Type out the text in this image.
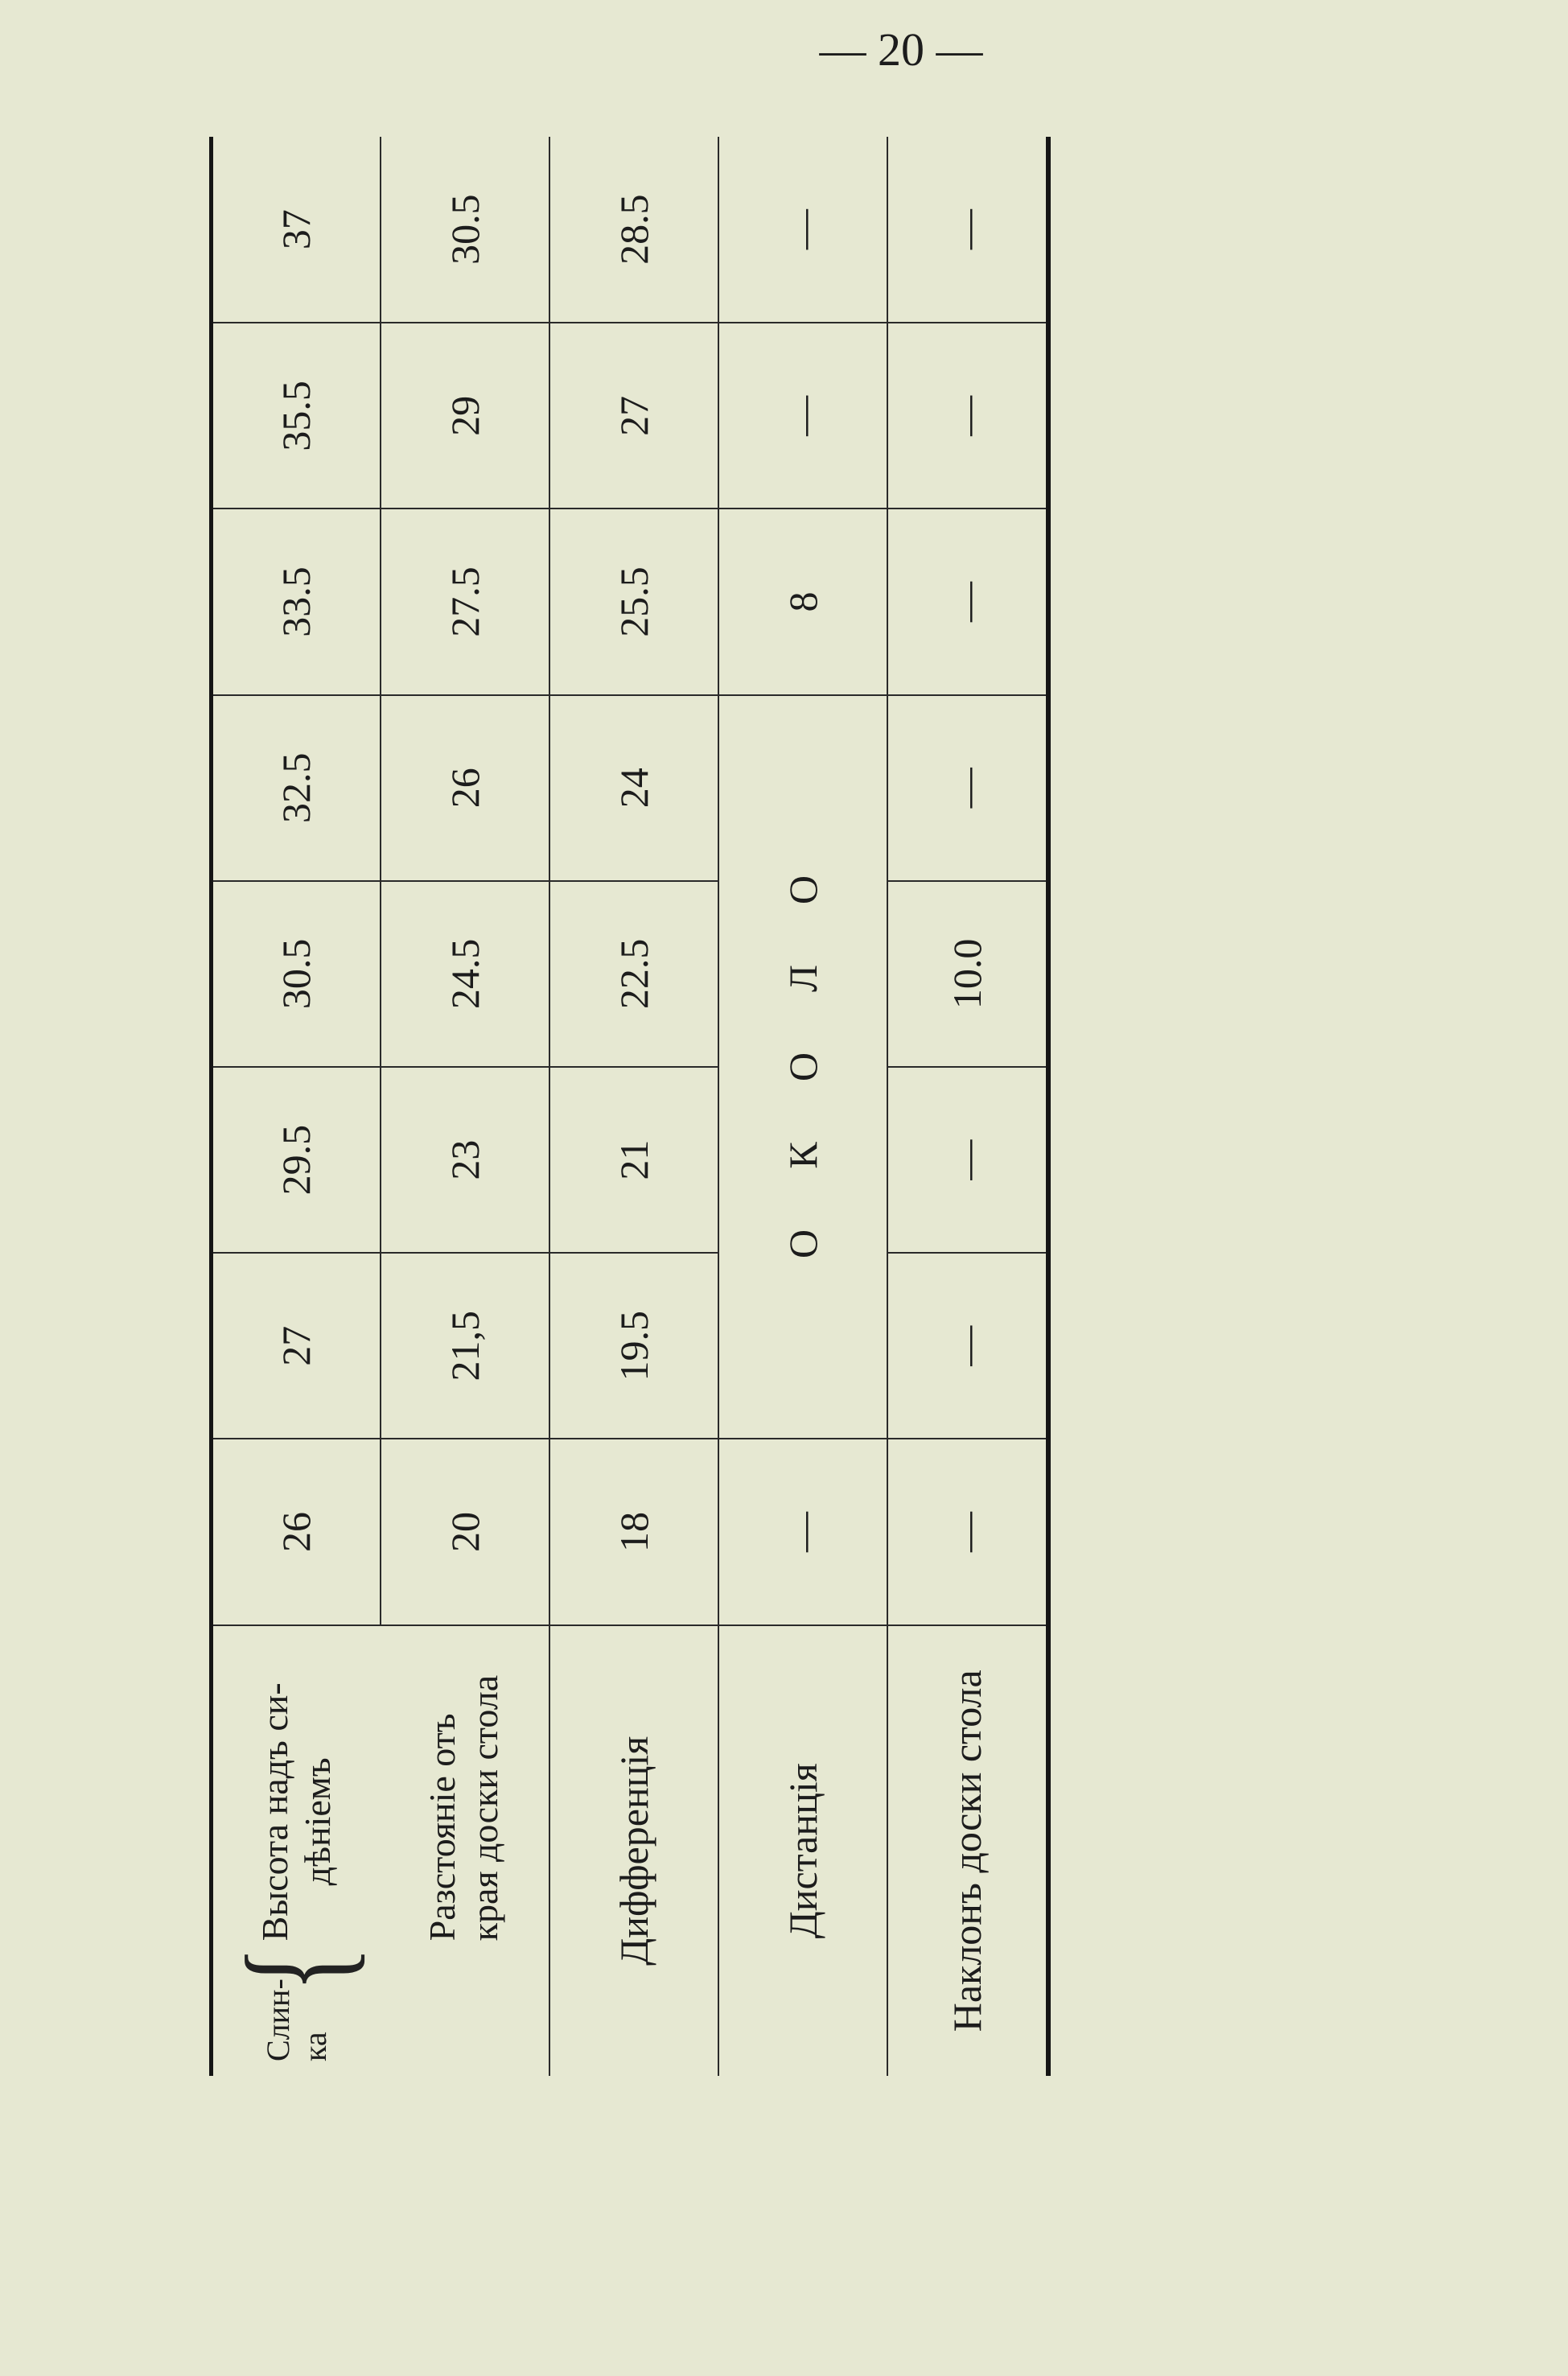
— 20 —
Слин-
ка
{
Высота надъ си-
дѣніемъ	26	27	29.5	30.5	32.5	33.5	35.5	37

Разстояніе отъ
края доски стола	20	21,5	23	24.5	26	27.5	29	30.5
Дифференція	18	19.5	21	22.5	24	25.5	27	28.5
Дистанція	—	ОКОЛО				8	—	—
Наклонъ доски стола	—	—	—	10.0	—	—	—	—
